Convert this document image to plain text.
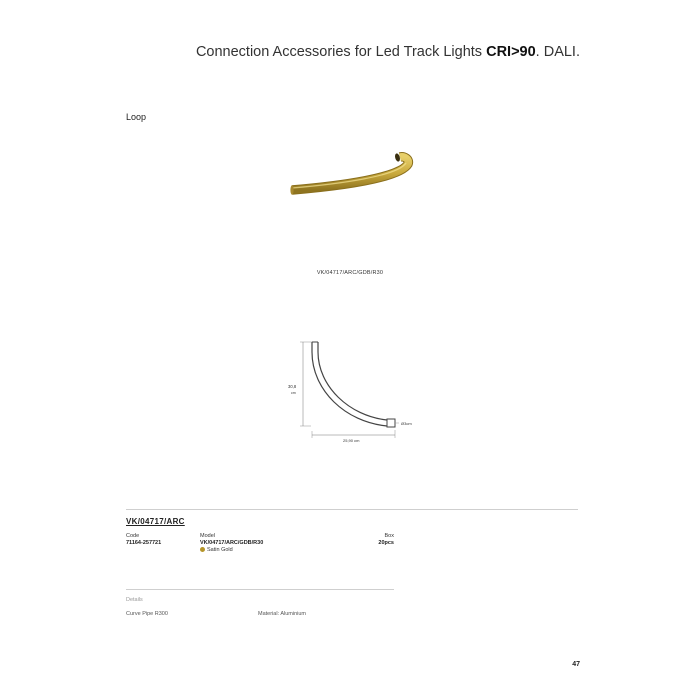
Connection Accessories for Led Track Lights CRI>90. DALI.
Loop
VK/04717/ARC/GDB/R30
30,8
cm
25,90 cm
Ø3cm
VK/04717/ARC
Code
71164-257721
Model
VK/04717/ARC/GDB/R30
Satin Gold
Box
20pcs
Details
Curve Pipe R300	Material: Aluminium
47
